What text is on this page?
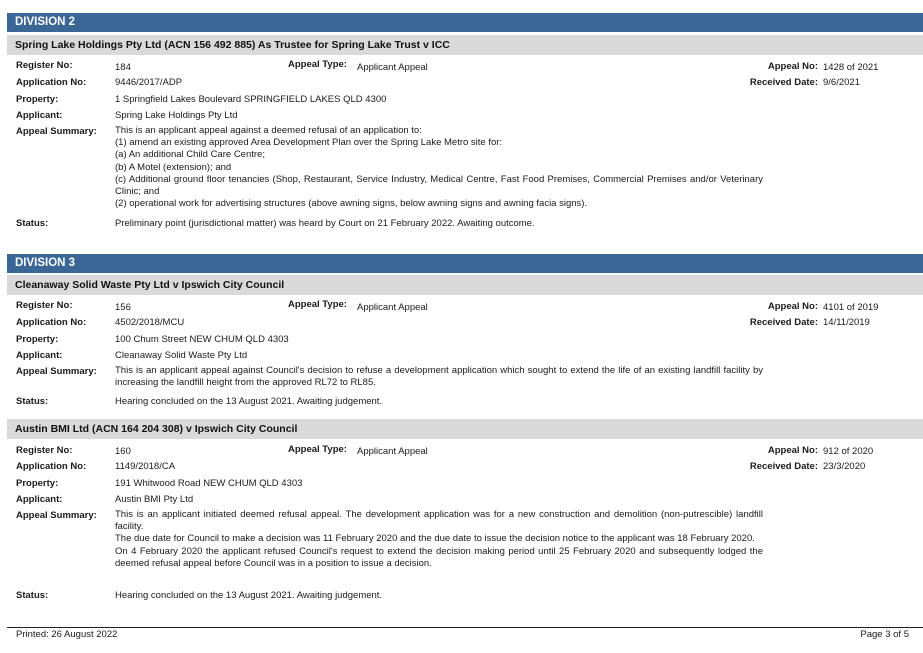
DIVISION 2
Spring Lake Holdings Pty Ltd (ACN 156 492 885) As Trustee for Spring Lake Trust v ICC
Register No:	184	Appeal Type: Applicant Appeal	Appeal No: 1428 of 2021
Application No:	9446/2017/ADP	Received Date: 9/6/2021
Property:	1 Springfield Lakes Boulevard SPRINGFIELD LAKES QLD 4300
Applicant:	Spring Lake Holdings Pty Ltd
Appeal Summary: This is an applicant appeal against a deemed refusal of an application to:
(1) amend an existing approved Area Development Plan over the Spring Lake Metro site for:
(a) An additional Child Care Centre;
(b) A Motel (extension); and
(c) Additional ground floor tenancies (Shop, Restaurant, Service Industry, Medical Centre, Fast Food Premises, Commercial Premises and/or Veterinary Clinic; and
(2) operational work for advertising structures (above awning signs, below awning signs and awning facia signs).
Status:	Preliminary point (jurisdictional matter) was heard by Court on 21 February 2022. Awaiting outcome.
DIVISION 3
Cleanaway Solid Waste Pty Ltd v Ipswich City Council
Register No:	156	Appeal Type: Applicant Appeal	Appeal No: 4101 of 2019
Application No:	4502/2018/MCU	Received Date: 14/11/2019
Property:	100 Chum Street NEW CHUM QLD 4303
Applicant:	Cleanaway Solid Waste Pty Ltd
Appeal Summary: This is an applicant appeal against Council's decision to refuse a development application which sought to extend the life of an existing landfill facility by increasing the landfill height from the approved RL72 to RL85.
Status:	Hearing concluded on the 13 August 2021. Awaiting judgement.
Austin BMI Ltd (ACN 164 204 308) v Ipswich City Council
Register No:	160	Appeal Type: Applicant Appeal	Appeal No: 912 of 2020
Application No:	1149/2018/CA	Received Date: 23/3/2020
Property:	191 Whitwood Road NEW CHUM QLD 4303
Applicant:	Austin BMI Pty Ltd
Appeal Summary: This is an applicant initiated deemed refusal appeal. The development application was for a new construction and demolition (non-putrescible) landfill facility.
The due date for Council to make a decision was 11 February 2020 and the due date to issue the decision notice to the applicant was 18 February 2020.
On 4 February 2020 the applicant refused Council's request to extend the decision making period until 25 February 2020 and subsequently lodged the deemed refusal appeal before Council was in a position to issue a decision.
Status:	Hearing concluded on the 13 August 2021. Awaiting judgement.
Printed: 26 August 2022	Page 3 of 5
